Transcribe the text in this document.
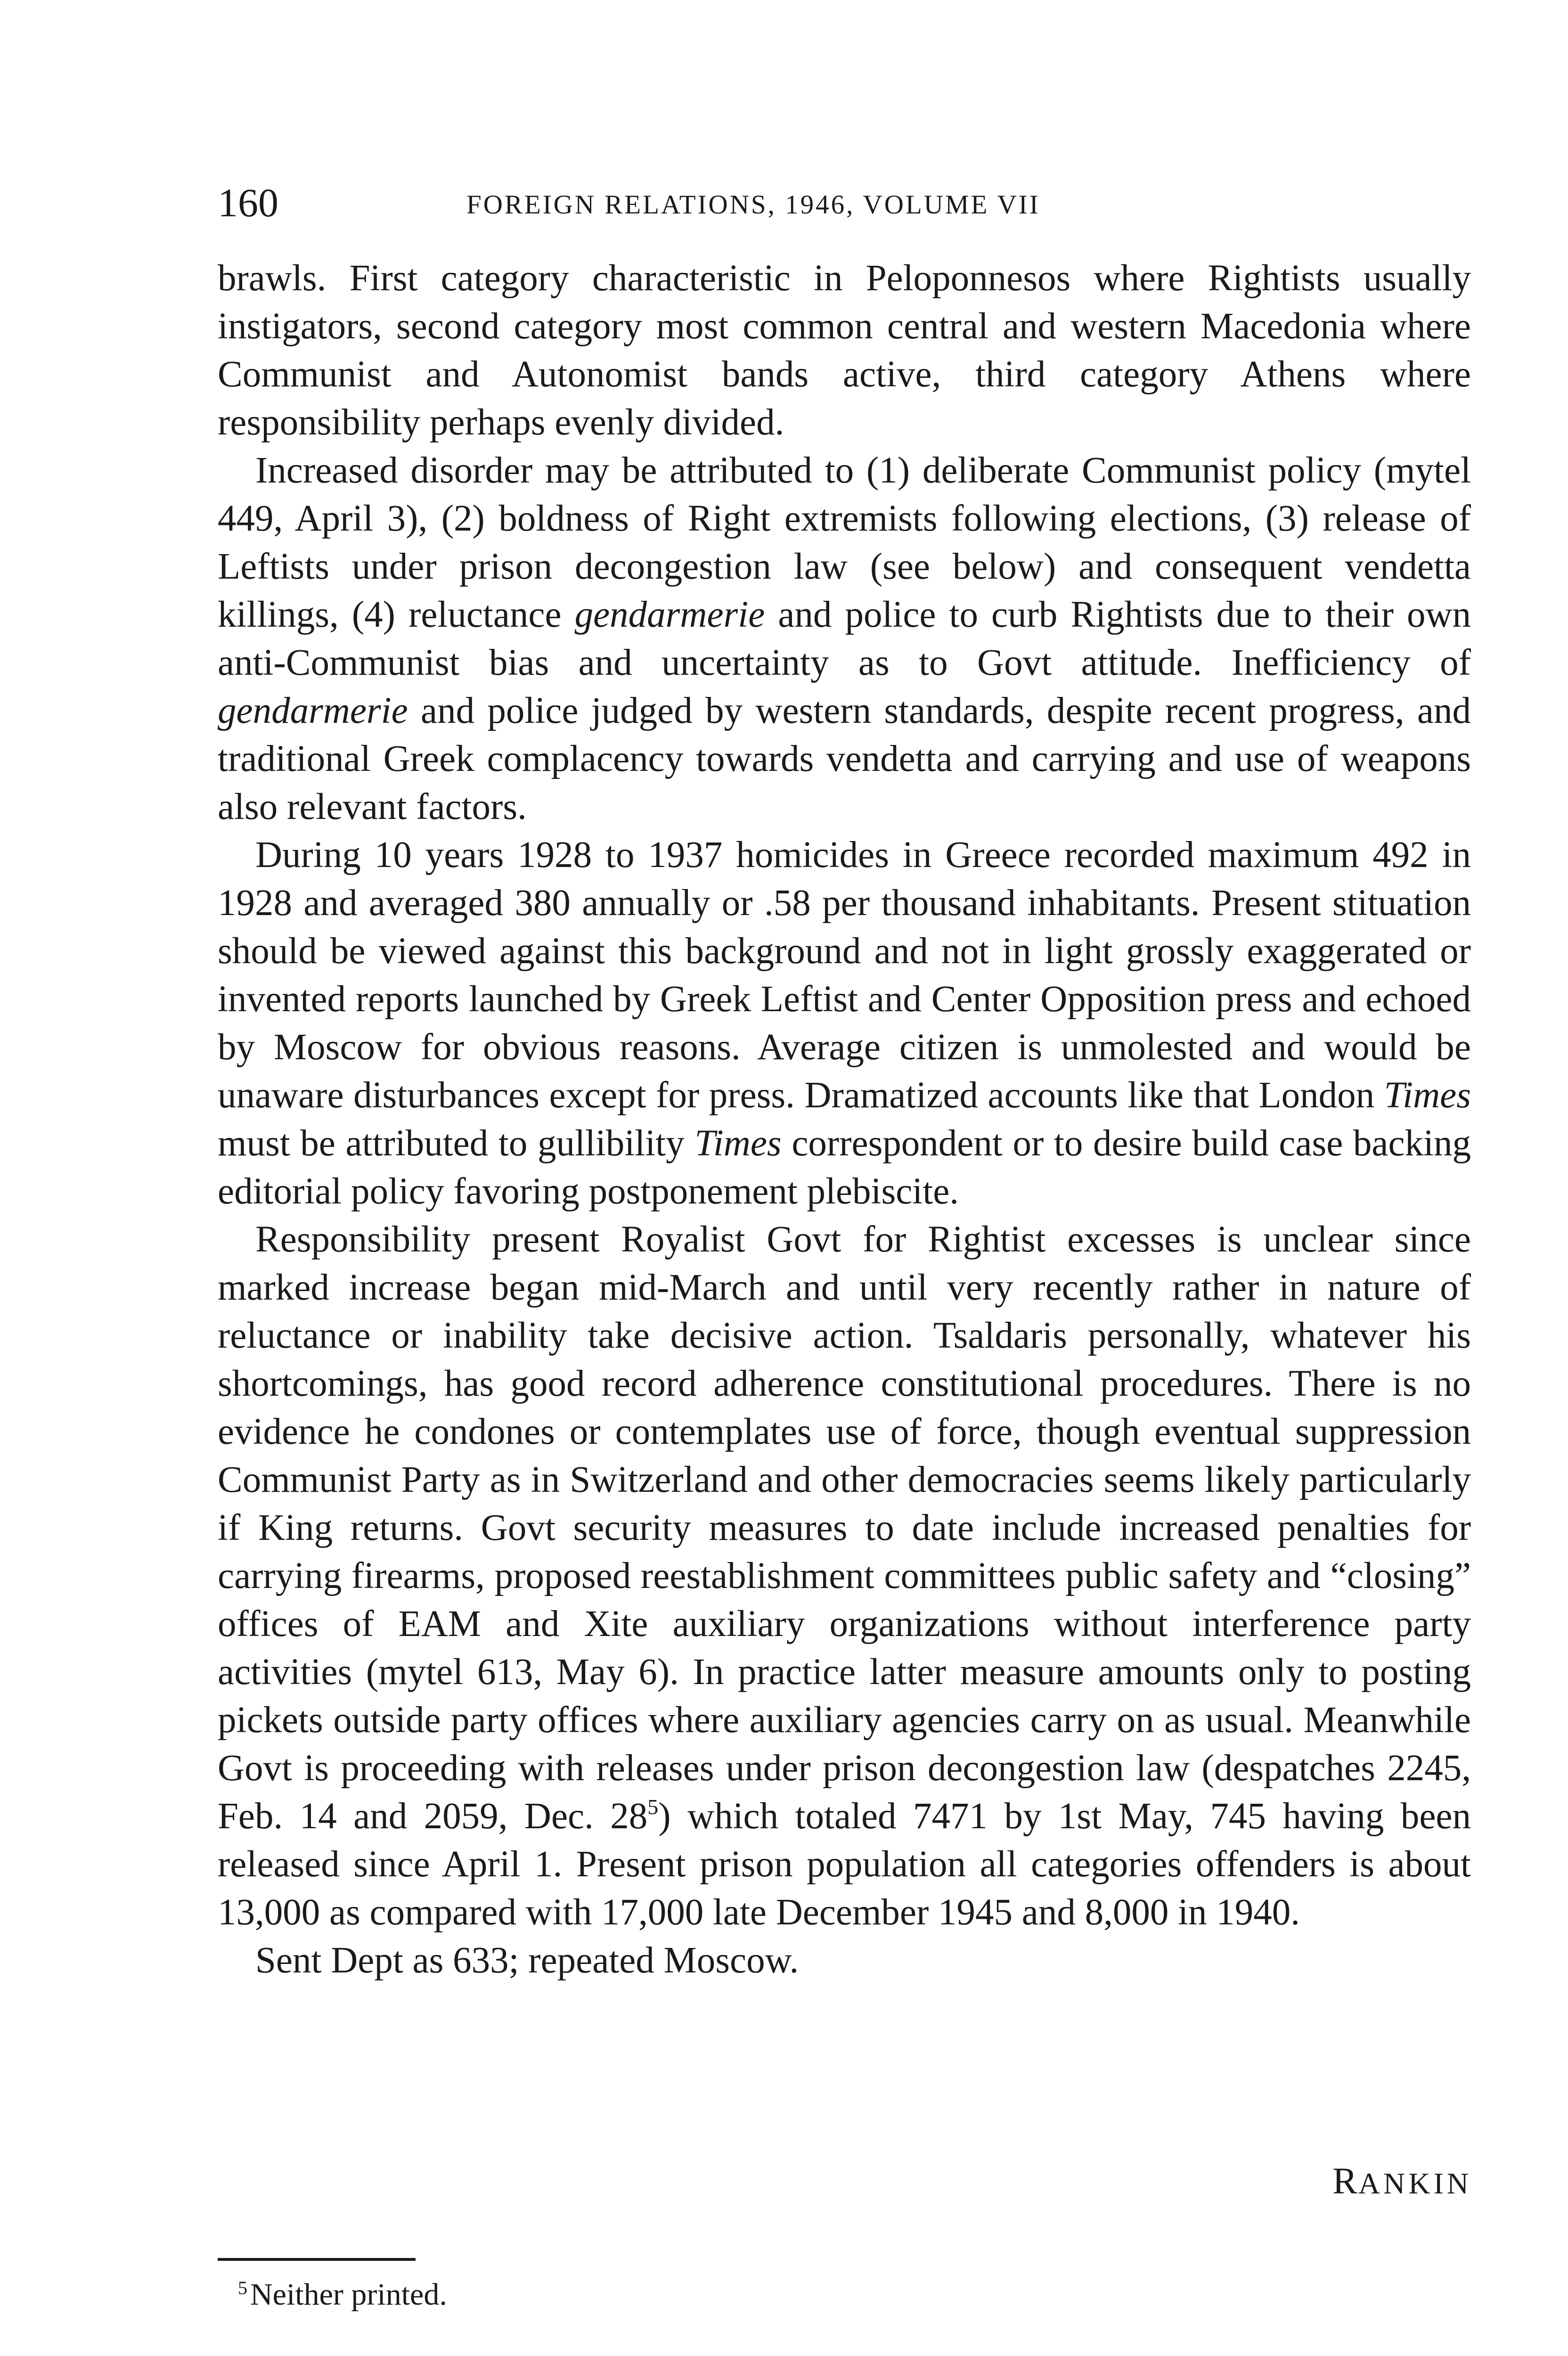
160	FOREIGN RELATIONS, 1946, VOLUME VII

brawls. First category characteristic in Peloponnesos where Rightists usually instigators, second category most common central and western Macedonia where Communist and Autonomist bands active, third category Athens where responsibility perhaps evenly divided.

Increased disorder may be attributed to (1) deliberate Communist policy (mytel 449, April 3), (2) boldness of Right extremists following elections, (3) release of Leftists under prison decongestion law (see below) and consequent vendetta killings, (4) reluctance gendarmerie and police to curb Rightists due to their own anti-Communist bias and uncertainty as to Govt attitude. Inefficiency of gendarmerie and police judged by western standards, despite recent progress, and traditional Greek complacency towards vendetta and carrying and use of weapons also relevant factors.

During 10 years 1928 to 1937 homicides in Greece recorded maximum 492 in 1928 and averaged 380 annually or .58 per thousand inhabitants. Present stituation should be viewed against this background and not in light grossly exaggerated or invented reports launched by Greek Leftist and Center Opposition press and echoed by Moscow for obvious reasons. Average citizen is unmolested and would be unaware disturbances except for press. Dramatized accounts like that London Times must be attributed to gullibility Times correspondent or to desire build case backing editorial policy favoring postponement plebiscite.

Responsibility present Royalist Govt for Rightist excesses is unclear since marked increase began mid-March and until very recently rather in nature of reluctance or inability take decisive action. Tsaldaris personally, whatever his shortcomings, has good record adherence constitutional procedures. There is no evidence he condones or contemplates use of force, though eventual suppression Communist Party as in Switzerland and other democracies seems likely particularly if King returns. Govt security measures to date include increased penalties for carrying firearms, proposed reestablishment committees public safety and “closing” offices of EAM and Xite auxiliary organizations without interference party activities (mytel 613, May 6). In practice latter measure amounts only to posting pickets outside party offices where auxiliary agencies carry on as usual. Meanwhile Govt is proceeding with releases under prison decongestion law (despatches 2245, Feb. 14 and 2059, Dec. 28$^5$) which totaled 7471 by 1st May, 745 having been released since April 1. Present prison population all categories offenders is about 13,000 as compared with 17,000 late December 1945 and 8,000 in 1940.

Sent Dept as 633; repeated Moscow.

RANKIN
$^5$Neither printed.
